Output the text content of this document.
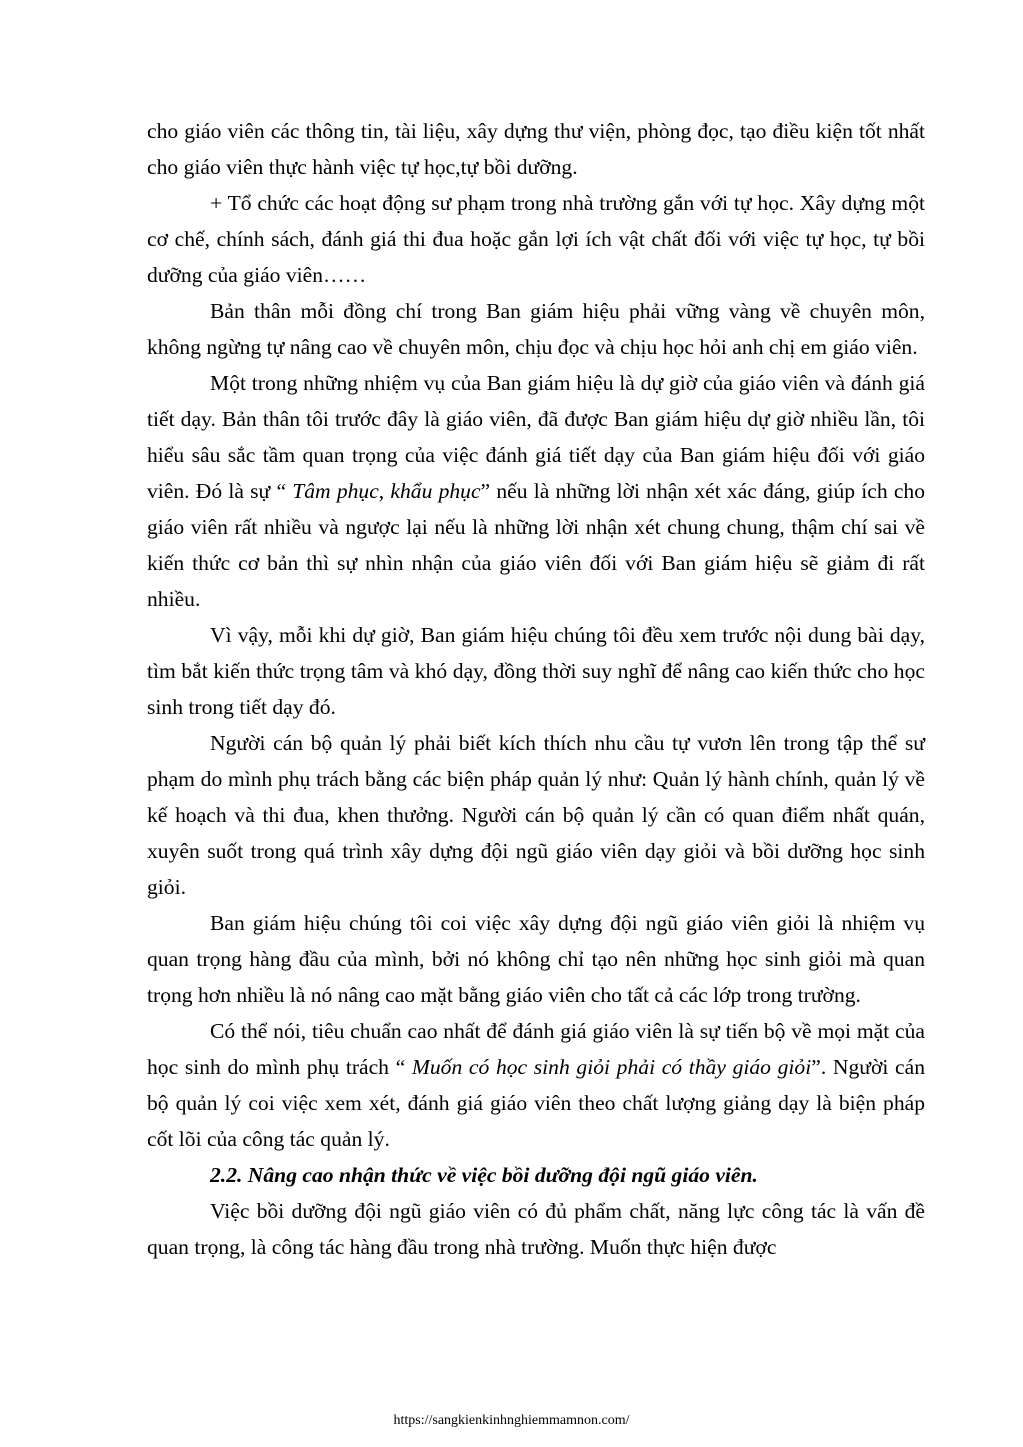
cho giáo viên các thông tin, tài liệu, xây dựng thư viện, phòng đọc, tạo điều kiện tốt nhất cho giáo viên thực hành việc tự học,tự bồi dưỡng.

+ Tổ chức các hoạt động sư phạm trong nhà trường gắn với tự học. Xây dựng một cơ chế, chính sách, đánh giá thi đua hoặc gắn lợi ích vật chất đối với việc tự học, tự bồi dưỡng của giáo viên……

Bản thân mỗi đồng chí trong Ban giám hiệu phải vững vàng về chuyên môn, không ngừng tự nâng cao về chuyên môn, chịu đọc và chịu học hỏi anh chị em giáo viên.

Một trong những nhiệm vụ của Ban giám hiệu là dự giờ của giáo viên và đánh giá tiết dạy. Bản thân tôi trước đây là giáo viên, đã được Ban giám hiệu dự giờ nhiều lần, tôi hiểu sâu sắc tầm quan trọng của việc đánh giá tiết dạy của Ban giám hiệu đối với giáo viên. Đó là sự “ Tâm phục, khẩu phục” nếu là những lời nhận xét xác đáng, giúp ích cho giáo viên rất nhiều và ngược lại nếu là những lời nhận xét chung chung, thậm chí sai về kiến thức cơ bản thì sự nhìn nhận của giáo viên đối với Ban giám hiệu sẽ giảm đi rất nhiều.

Vì vậy, mỗi khi dự giờ, Ban giám hiệu chúng tôi đều xem trước nội dung bài dạy, tìm bắt kiến thức trọng tâm và khó dạy, đồng thời suy nghĩ để nâng cao kiến thức cho học sinh trong tiết dạy đó.

Người cán bộ quản lý phải biết kích thích nhu cầu tự vươn lên trong tập thể sư phạm do mình phụ trách bằng các biện pháp quản lý như: Quản lý hành chính, quản lý về kế hoạch và thi đua, khen thưởng. Người cán bộ quản lý cần có quan điểm nhất quán, xuyên suốt trong quá trình xây dựng đội ngũ giáo viên dạy giỏi và bồi dưỡng học sinh giỏi.

Ban giám hiệu chúng tôi coi việc xây dựng đội ngũ giáo viên giỏi là nhiệm vụ quan trọng hàng đầu của mình, bởi nó không chỉ tạo nên những học sinh giỏi mà quan trọng hơn nhiều là nó nâng cao mặt bằng giáo viên cho tất cả các lớp trong trường.

Có thể nói, tiêu chuẩn cao nhất để đánh giá giáo viên là sự tiến bộ về mọi mặt của học sinh do mình phụ trách “ Muốn có học sinh giỏi phải có thầy giáo giỏi”. Người cán bộ quản lý coi việc xem xét, đánh giá giáo viên theo chất lượng giảng dạy là biện pháp cốt lõi của công tác quản lý.

2.2. Nâng cao nhận thức về việc bồi dưỡng đội ngũ giáo viên.

Việc bồi dưỡng đội ngũ giáo viên có đủ phẩm chất, năng lực công tác là vấn đề quan trọng, là công tác hàng đầu trong nhà trường. Muốn thực hiện được

https://sangkienkinhnghiemmamnon.com/
